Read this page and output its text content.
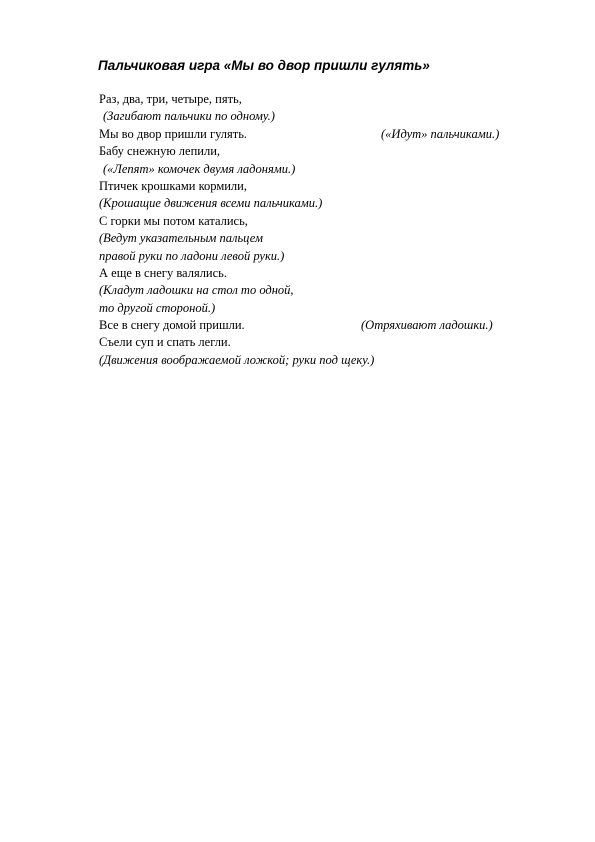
Пальчиковая игра «Мы во двор пришли гулять»
Раз, два, три, четыре, пять,
(Загибают пальчики по одному.)
Мы во двор пришли гулять.	(«Идут» пальчиками.)
Бабу снежную лепили,
(«Лепят» комочек двумя ладонями.)
Птичек крошками кормили,
(Крошащие движения всеми пальчиками.)
С горки мы потом катались,
(Ведут указательным пальцем
правой руки по ладони левой руки.)
А еще в снегу валялись.
(Кладут ладошки на стол то одной,
то другой стороной.)
Все в снегу домой пришли.	(Отряхивают ладошки.)
Съели суп и спать легли.
(Движения воображаемой ложкой; руки под щеку.)
